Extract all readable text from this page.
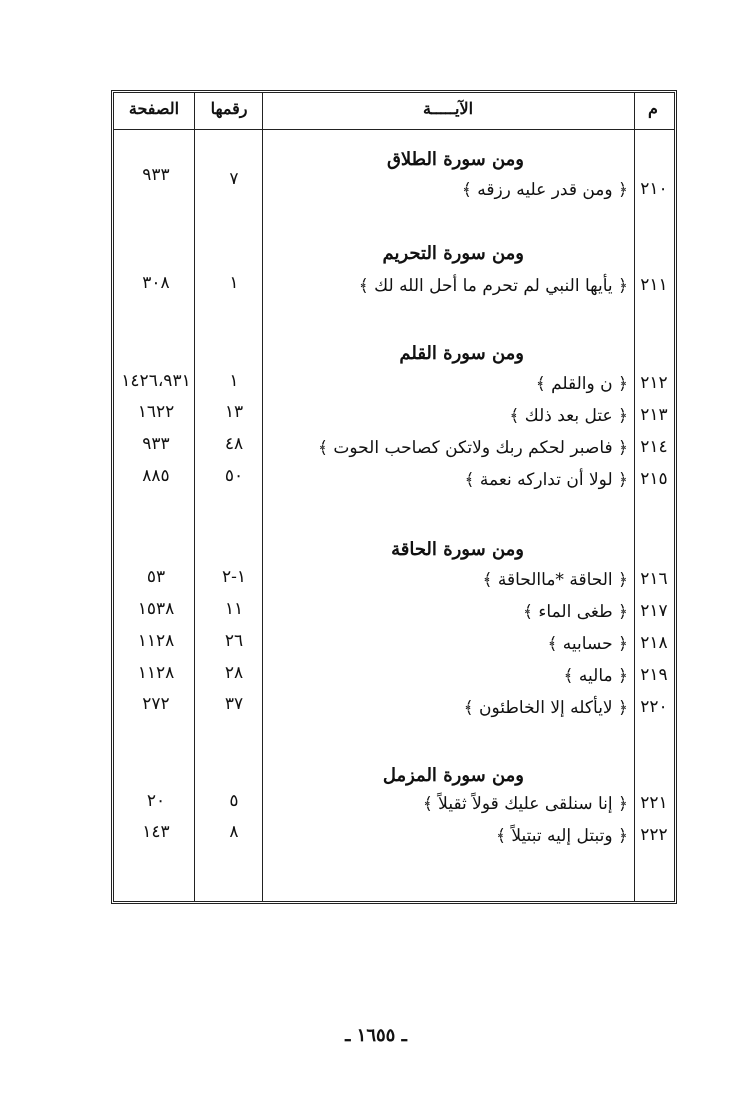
م
الآيـــــة
رقمها
الصفحة
ومن سورة الطلاق
٢١٠
﴿ ومن قدر عليه رزقه ﴾
٧
٩٣٣
ومن سورة التحريم
٢١١
﴿ يأيها النبي لم تحرم ما أحل الله لك ﴾
١
٣٠٨
ومن سورة القلم
٢١٢
﴿ ن والقلم ﴾
١
١٤٢٦،٩٣١
٢١٣
﴿ عتل بعد ذلك ﴾
١٣
١٦٢٢
٢١٤
﴿ فاصبر لحكم ربك ولاتكن كصاحب الحوت ﴾
٤٨
٩٣٣
٢١٥
﴿ لولا أن تداركه نعمة ﴾
٥٠
٨٨٥
ومن سورة الحاقة
٢١٦
﴿ الحاقة *ماالحاقة ﴾
١-٢
٥٣
٢١٧
﴿ طغى الماء ﴾
١١
١٥٣٨
٢١٨
﴿ حسابيه ﴾
٢٦
١١٢٨
٢١٩
﴿ ماليه ﴾
٢٨
١١٢٨
٢٢٠
﴿ لايأكله إلا الخاطئون ﴾
٣٧
٢٧٢
ومن سورة المزمل
٢٢١
﴿ إنا سنلقى عليك قولاً ثقيلاً ﴾
٥
٢٠
٢٢٢
﴿ وتبتل إليه تبتيلاً ﴾
٨
١٤٣
ـ ١٦٥٥ ـ
